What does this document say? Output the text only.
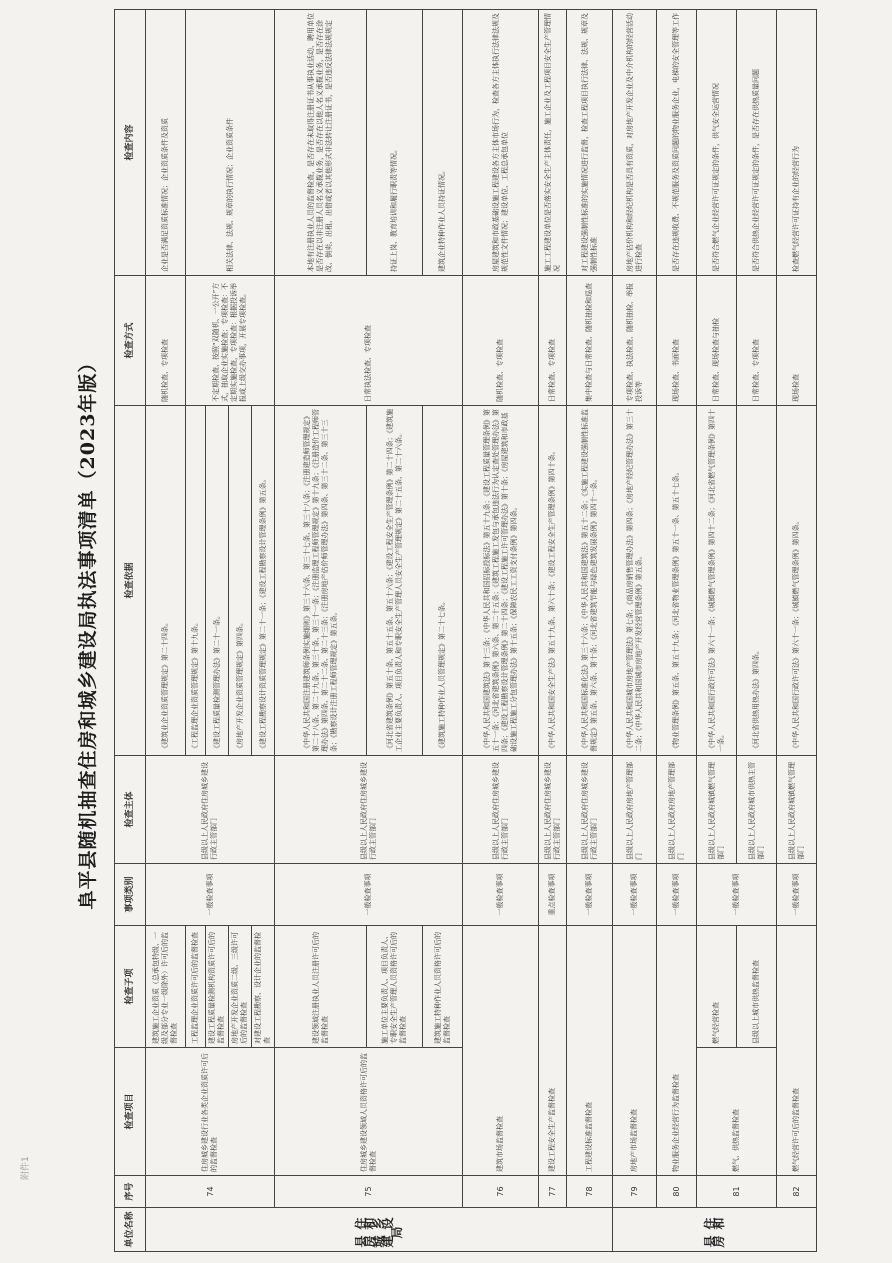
附件1
阜平县随机抽查住房和城乡建设局执法事项清单（2023年版）
单位名称	序号	检查项目	检查子项	事项类别	检查主体	检查依据	检查方式	检查内容
县住房和城乡建设局	74	住房城乡建设行业各类企业资质许可后的监督检查	建筑施工企业资质（总承包特级、一级及部分专业一级除外）许可后的监督检查	一般检查事项	县级以上人民政府住房城乡建设行政主管部门	《建筑业企业资质管理规定》第二十四条。	随机检查、专项检查	企业是否满足资质标准情况；企业资质条件及资质
			工程监理企业资质许可后的监督检查			《工程监理企业资质管理规定》第十九条。	不定期检查、按照“双随机、一公开”方式，抽取企业实施检查；专项检查：不定期实施检查，专项检查：根据投诉举报或上级交办事项，开展专项检查。	相关法律、法规、规章的执行情况；企业资质条件
			建设工程质量检测机构资质许可后的监督检查			《建设工程质量检测管理办法》第二十一条。		
			房地产开发企业资质二级、三级许可后的监督检查			《房地产开发企业资质管理规定》第四条。		
			对建设工程勘察、设计企业的监督检查			《建设工程勘察设计资质管理规定》第二十一条；《建设工程勘察设计管理条例》第五条。		
	75	住房城乡建设领域人员资格许可后的监督检查	建设领域注册执业人员注册许可后的监督检查	一般检查事项	县级以上人民政府住房城乡建设行政主管部门	《中华人民共和国注册建筑师条例实施细则》第三十六条、第三十七条、第三十八条；《注册建造师管理规定》第二十八条、第二十九条、第三十条、第三十一条；《注册监理工程师管理规定》第十九条；《注册造价工程师管理办法》第四条、第二十二条、第二十三条；《注册房地产估价师管理办法》第四条、第三十二条、第三十三条；《勘察设计注册工程师管理规定》第五条。	日常执法检查、专项检查	本地有注册执业人员的监督检查，是否存在未取得注册证书从事执业活动、聘用单位是否存在以非注册人员名义承揽业务，是否存在以他人名义承揽业务，是否存在涂改、倒卖、出租、出借或者以其他形式非法转让注册证书，是否违反法律法规规定
			施工单位主要负责人、项目负责人、专职安全生产管理人员资格许可后的监督检查			《河北省建筑条例》第五十条、第五十五条、第五十六条；《建设工程安全生产管理条例》第二十四条；《建筑施工企业主要负责人、项目负责人和专职安全生产管理人员安全生产管理规定》第二十五条、第二十六条。		持证上岗、教育培训和履行职责等情况。
			建筑施工特种作业人员资格许可后的监督检查			《建筑施工特种作业人员管理规定》第二十七条。		建筑企业特种作业人员持证情况。
	76	建筑市场监督检查		一般检查事项	县级以上人民政府住房城乡建设行政主管部门	《中华人民共和国建筑法》第十三条；《中华人民共和国招标投标法》第五十九条；《建设工程质量管理条例》第五十一条；《河北省建筑条例》第六条、第二十五条；《建筑工程施工发包与承包违法行为认定查处管理办法》第四条；《建设工程勘察设计管理条例》第二十四条；《建设工程施工许可管理办法》第十条；《房屋建筑和市政基础设施工程施工分包管理办法》第十五条；《保障农民工工资支付条例》第四条。	随机检查、专项检查	房屋建筑和市政基础设施工程建设各方主体市场行为，检查各方主体执行法律法规及规范性文件情况；建设单位、工程总承包单位
	77	建设工程安全生产监督检查		重点检查事项	县级以上人民政府住房城乡建设行政主管部门	《中华人民共和国安全生产法》第五十九条、第六十条；《建设工程安全生产管理条例》第四十条。	日常检查、专项检查	施工工程建设单位是否落实安全生产主体责任，施工企业及工程项目安全生产管理情况
	78	工程建设标准监督检查		一般检查事项	县级以上人民政府住房城乡建设行政主管部门	《中华人民共和国标准化法》第三十六条；《中华人民共和国建筑法》第五十二条；《实施工程建设强制性标准监督规定》第五条、第六条、第十条；《河北省建筑节能与绿色建筑发展条例》第四十一条。	集中检查与日常检查、随机抽检和巡查	对工程建设强制性标准的实施情况进行监督，检查工程项目执行法律、法规、规章及强制性标准
县住房和	79	房地产市场监督检查		一般检查事项	县级以上人民政府房地产管理部门	《中华人民共和国城市房地产管理法》第七条；《商品房销售管理办法》第四条；《房地产经纪管理办法》第三十二条；《中华人民共和国城市房地产开发经营管理条例》第五条。	专项检查、执法检查、随机抽检、举报投诉等	房地产估价机构和经纪机构是否具有资质，对房地产开发企业及中介机构的经营活动进行检查
	80	物业服务企业经营行为监督检查		一般检查事项	县级以上人民政府房地产管理部门	《物业管理条例》第五条、第五十九条；《河北省物业管理条例》第五十一条、第五十七条。	现场检查、书面检查	是否存在违规收费、不规范服务及资质问题的物业服务企业，电梯的安全管理等工作
	81	燃气、供热监督检查	燃气经营检查	一般检查事项	县级以上人民政府城镇燃气管理部门	《中华人民共和国行政许可法》第六十一条；《城镇燃气管理条例》第四十二条；《河北省燃气管理条例》第四十一条。	日常检查、现场检查与抽检	是否符合燃气企业经营许可证规定的条件，供气安全运营情况
			县级以上城市供热监督检查		县级以上人民政府城市供热主管部门	《河北省供热用热办法》第四条。	日常检查、专项检查	是否符合供热企业经营许可证规定的条件，是否存在供热质量问题
	82	燃气经营许可后的监督检查		一般检查事项	县级以上人民政府城镇燃气管理部门	《中华人民共和国行政许可法》第六十一条；《城镇燃气管理条例》第四条。	现场检查	检查燃气经营许可证持有企业的经营行为
